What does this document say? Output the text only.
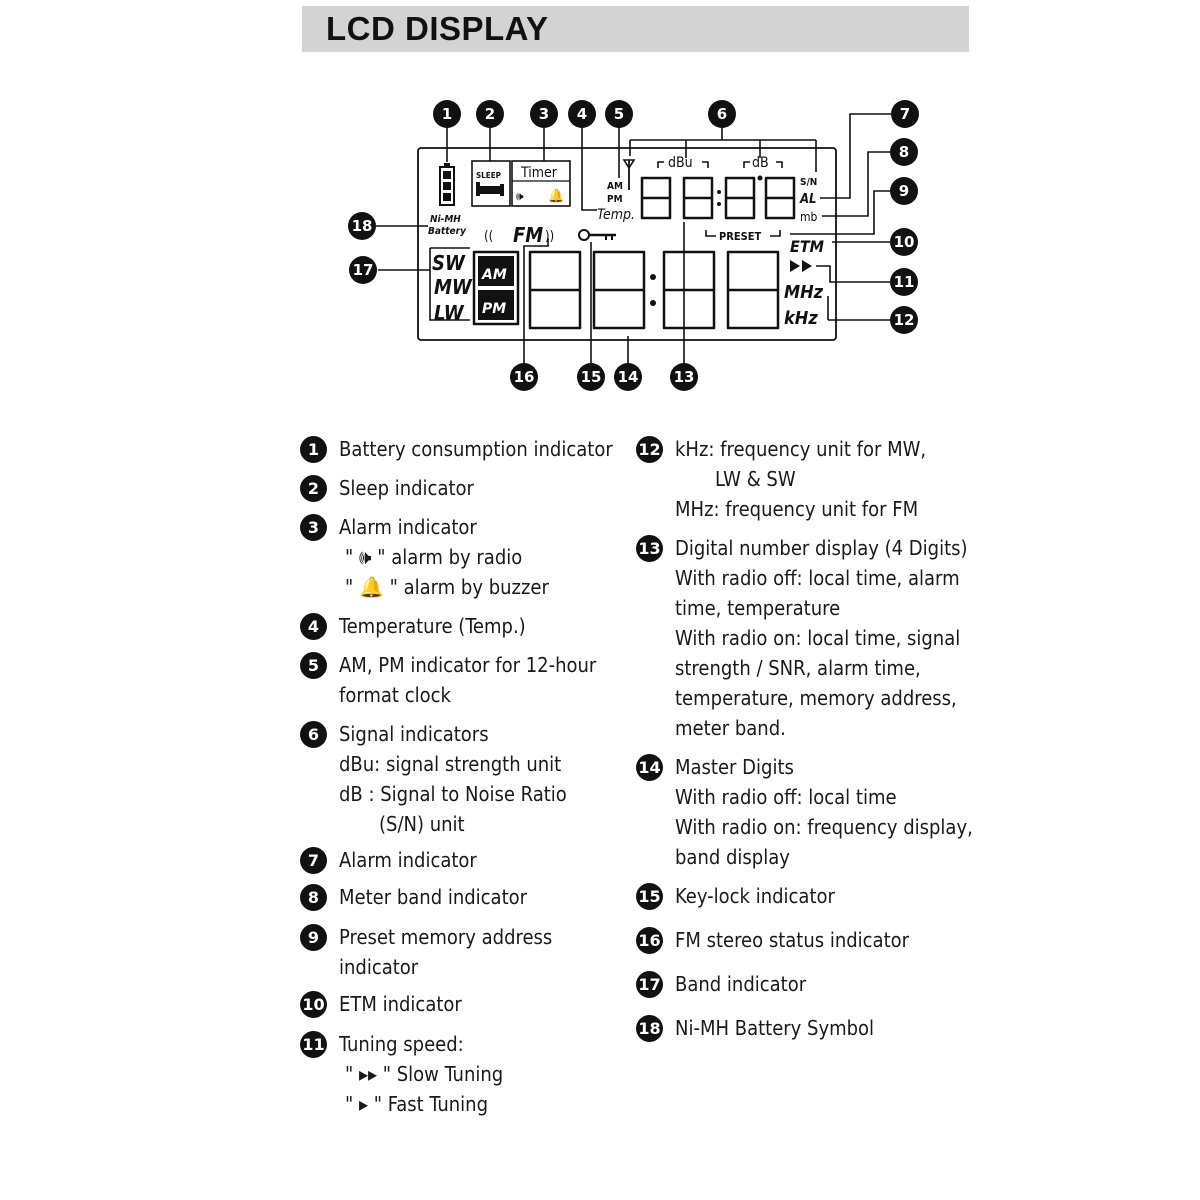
LCD DISPLAY
Ni-MH
Battery
SLEEP Timer
🕪 🔔
AM
PM
Temp.
dBu	dB
S/N
AL
mb
PRESET
ETM
(( FM ))
SW
MW
LW
AM
PM
MHz
kHz
1 2	3 4 5	6	7
8
9
10
11
12
13
14
15
16
17
18
1 Battery consumption indicator
2 Sleep indicator
3 Alarm indicator
" 🕪 " alarm by radio
" 🔔 " alarm by buzzer
4 Temperature (Temp.)
5 AM, PM indicator for 12-hour
format clock
6 Signal indicators
dBu: signal strength unit
dB : Signal to Noise Ratio
(S/N) unit
7 Alarm indicator
8 Meter band indicator
9 Preset memory address
indicator
10 ETM indicator
11 Tuning speed:
" ▸▸ " Slow Tuning
" ▸ " Fast Tuning
12 kHz: frequency unit for MW,
LW & SW
MHz: frequency unit for FM
13 Digital number display (4 Digits)
With radio off: local time, alarm
time, temperature
With radio on: local time, signal
strength / SNR, alarm time,
temperature, memory address,
meter band.
14 Master Digits
With radio off: local time
With radio on: frequency display,
band display
15 Key-lock indicator
16 FM stereo status indicator
17 Band indicator
18 Ni-MH Battery Symbol
